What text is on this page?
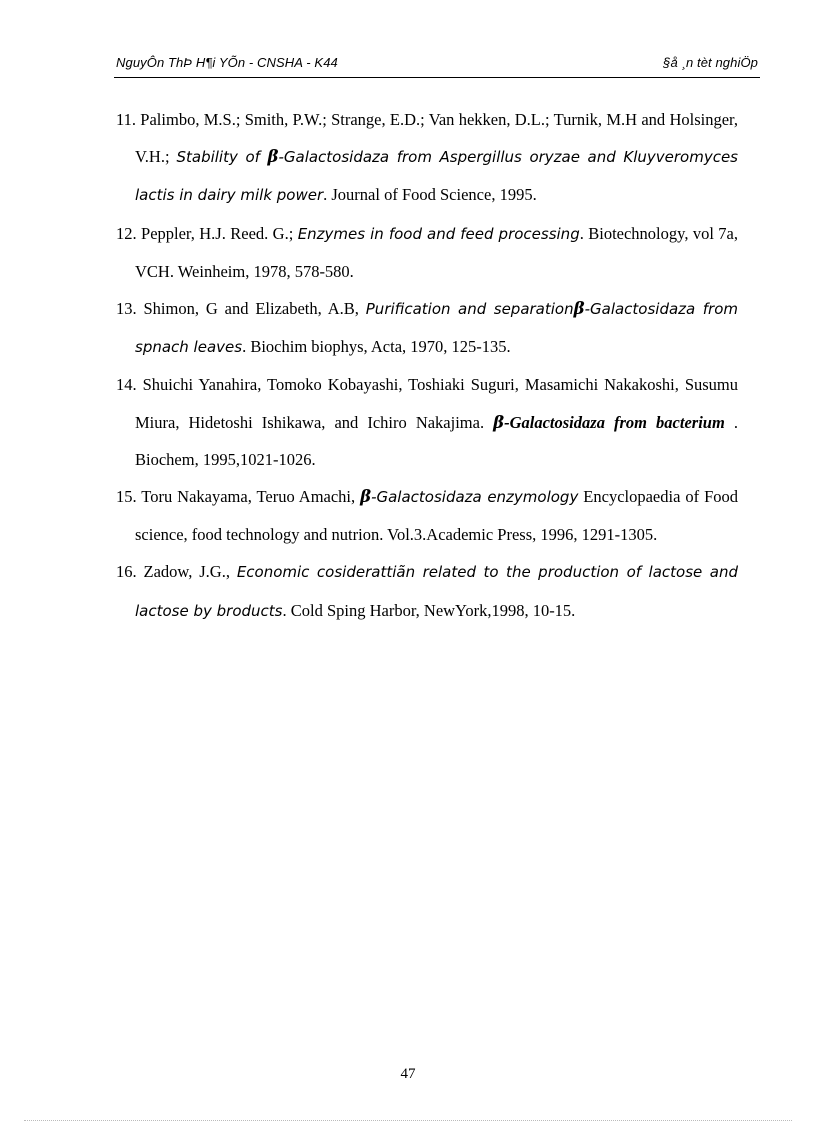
NguyÔn ThÞ H¶i YÕn - CNSHA - K44	§å ¸n tèt nghiÖp
11. Palimbo, M.S.; Smith, P.W.; Strange, E.D.; Van hekken, D.L.; Turnik, M.H and Holsinger, V.H.; Stability of β-Galactosidaza from Aspergillus oryzae and Kluyveromyces lactis in dairy milk power. Journal of Food Science, 1995.
12. Peppler, H.J. Reed. G.; Enzymes in food and feed processing. Biotechnology, vol 7a, VCH. Weinheim, 1978, 578-580.
13. Shimon, G and Elizabeth, A.B, Purification and separationβ-Galactosidaza from spnach leaves. Biochim biophys, Acta, 1970, 125-135.
14. Shuichi Yanahira, Tomoko Kobayashi, Toshiaki Suguri, Masamichi Nakakoshi, Susumu Miura, Hidetoshi Ishikawa, and Ichiro Nakajima. β-Galactosidaza from bacterium . Biochem, 1995,1021-1026.
15. Toru Nakayama, Teruo Amachi, β-Galactosidaza enzymology Encyclopaedia of Food science, food technology and nutrion. Vol.3.Academic Press, 1996, 1291-1305.
16. Zadow, J.G., Economic cosiderattiãn related to the production of lactose and lactose by broducts. Cold Sping Harbor, NewYork,1998, 10-15.
47
